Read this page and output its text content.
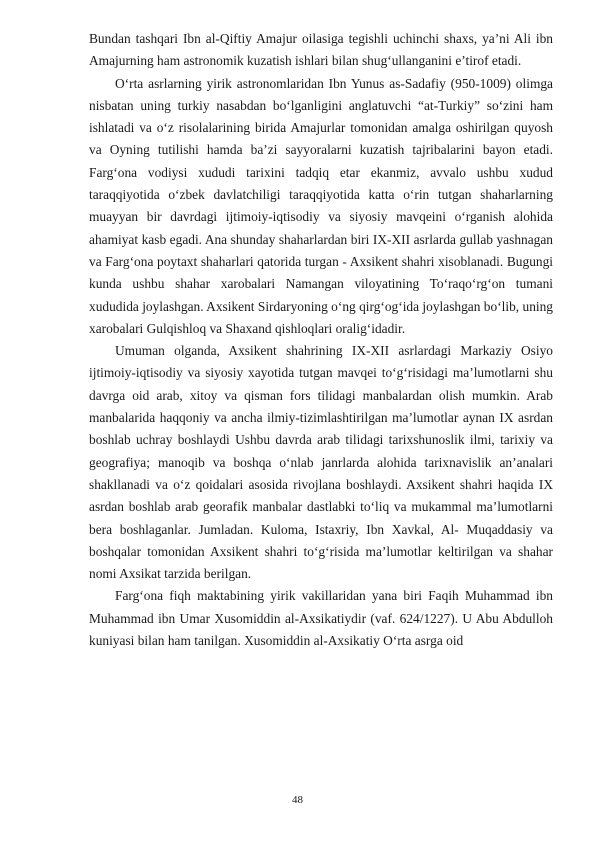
Bundan tashqari Ibn al-Qiftiy Amajur oilasiga tegishli uchinchi shaxs, ya’ni Ali ibn Amajurning ham astronomik kuzatish ishlari bilan shug‘ullanganini e’tirof etadi.

O‘rta asrlarning yirik astronomlaridan Ibn Yunus as-Sadafiy (950-1009) olimga nisbatan uning turkiy nasabdan bo‘lganligini anglatuvchi “at-Turkiy” so‘zini ham ishlatadi va o‘z risolalarining birida Amajurlar tomonidan amalga oshirilgan quyosh va Oyning tutilishi hamda ba’zi sayyoralarni kuzatish tajribalarini bayon etadi. Farg‘ona vodiysi xududi tarixini tadqiq etar ekanmiz, avvalo ushbu xudud taraqqiyotida o‘zbek davlatchiligi taraqqiyotida katta o‘rin tutgan shaharlarning muayyan bir davrdagi ijtimoiy-iqtisodiy va siyosiy mavqeini o‘rganish alohida ahamiyat kasb egadi. Ana shunday shaharlardan biri IX-XII asrlarda gullab yashnagan va Farg‘ona poytaxt shaharlari qatorida turgan - Axsikent shahri xisoblanadi. Bugungi kunda ushbu shahar xarobalari Namangan viloyatining To‘raqo‘rg‘on tumani xududida joylashgan. Axsikent Sirdaryoning o‘ng qirg‘og‘ida joylashgan bo‘lib, uning xarobalari Gulqishloq va Shaxand qishloqlari oralig‘idadir.

Umuman olganda, Axsikent shahrining IX-XII asrlardagi Markaziy Osiyo ijtimoiy-iqtisodiy va siyosiy xayotida tutgan mavqei to‘g‘risidagi ma’lumotlarni shu davrga oid arab, xitoy va qisman fors tilidagi manbalardan olish mumkin. Arab manbalarida haqqoniy va ancha ilmiy-tizimlashtirilgan ma’lumotlar aynan IX asrdan boshlab uchray boshlaydi Ushbu davrda arab tilidagi tarixshunoslik ilmi, tarixiy va geografiya; manoqib va boshqa o‘nlab janrlarda alohida tarixnavislik an’analari shakllanadi va o‘z qoidalari asosida rivojlana boshlaydi. Axsikent shahri haqida IX asrdan boshlab arab georafik manbalar dastlabki to‘liq va mukammal ma’lumotlarni bera boshlaganlar. Jumladan. Kuloma, Istaxriy, Ibn Xavkal, Al- Muqaddasiy va boshqalar tomonidan Axsikent shahri to‘g‘risida ma’lumotlar keltirilgan va shahar nomi Axsikat tarzida berilgan.

Farg‘ona fiqh maktabining yirik vakillaridan yana biri Faqih Muhammad ibn Muhammad ibn Umar Xusomiddin al-Axsikatiydir (vaf. 624/1227). U Abu Abdulloh kuniyasi bilan ham tanilgan. Xusomiddin al-Axsikatiy O‘rta asrga oid

48
